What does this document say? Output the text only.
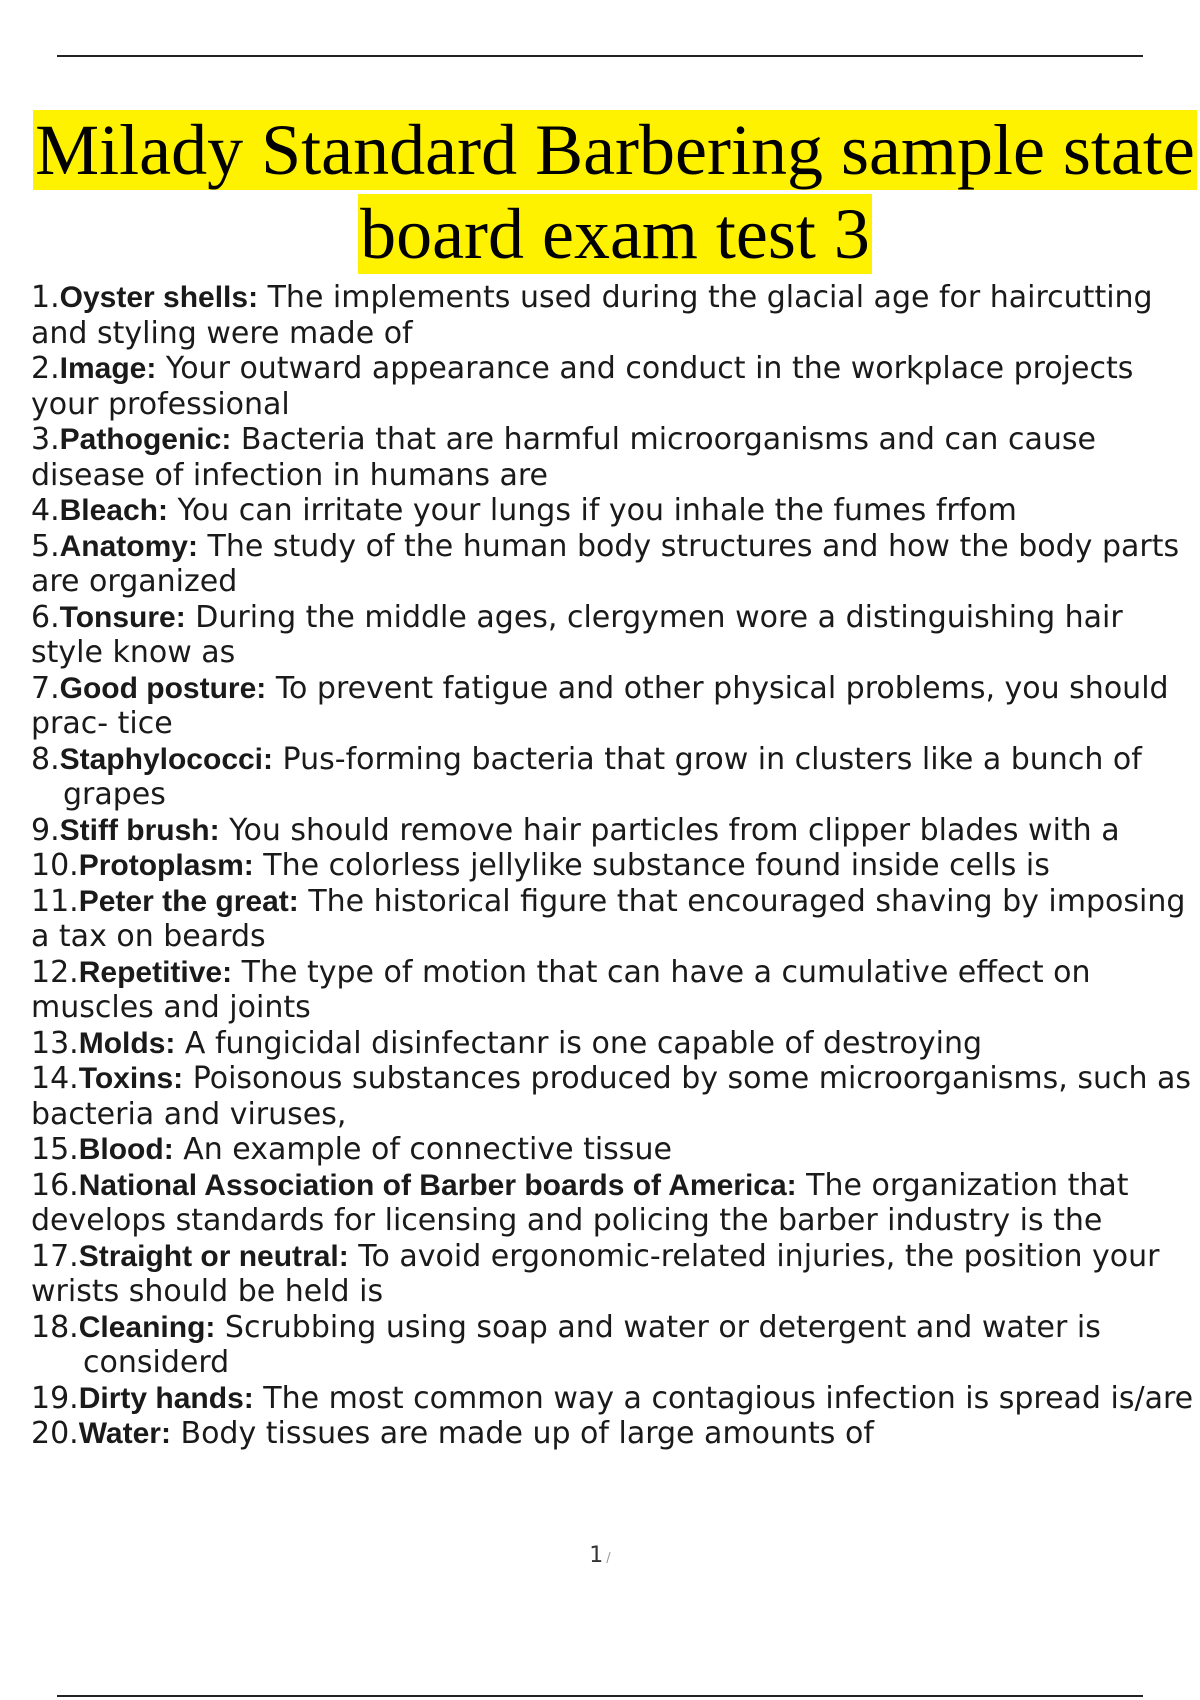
Milady Standard Barbering sample state
board exam test 3
1.Oyster shells: The implements used during the glacial age for haircutting and styling were made of
2.Image: Your outward appearance and conduct in the workplace projects your professional
3.Pathogenic: Bacteria that are harmful microorganisms and can cause disease of infection in humans are
4.Bleach: You can irritate your lungs if you inhale the fumes frfom
5.Anatomy: The study of the human body structures and how the body parts are organized
6.Tonsure: During the middle ages, clergymen wore a distinguishing hair style know as
7.Good posture: To prevent fatigue and other physical problems, you should prac- tice
8.Staphylococci: Pus-forming bacteria that grow in clusters like a bunch of grapes
9.Stiff brush: You should remove hair particles from clipper blades with a
10.Protoplasm: The colorless jellylike substance found inside cells is
11.Peter the great: The historical figure that encouraged shaving by imposing a tax on beards
12.Repetitive: The type of motion that can have a cumulative effect on muscles and joints
13.Molds: A fungicidal disinfectanr is one capable of destroying
14.Toxins: Poisonous substances produced by some microorganisms, such as bacteria and viruses,
15.Blood: An example of connective tissue
16.National Association of Barber boards of America: The organization that develops standards for licensing and policing the barber industry is the
17.Straight or neutral: To avoid ergonomic-related injuries, the position your wrists should be held is
18.Cleaning: Scrubbing using soap and water or detergent and water is considerd
19.Dirty hands: The most common way a contagious infection is spread is/are
20.Water: Body tissues are made up of large amounts of
1 /
